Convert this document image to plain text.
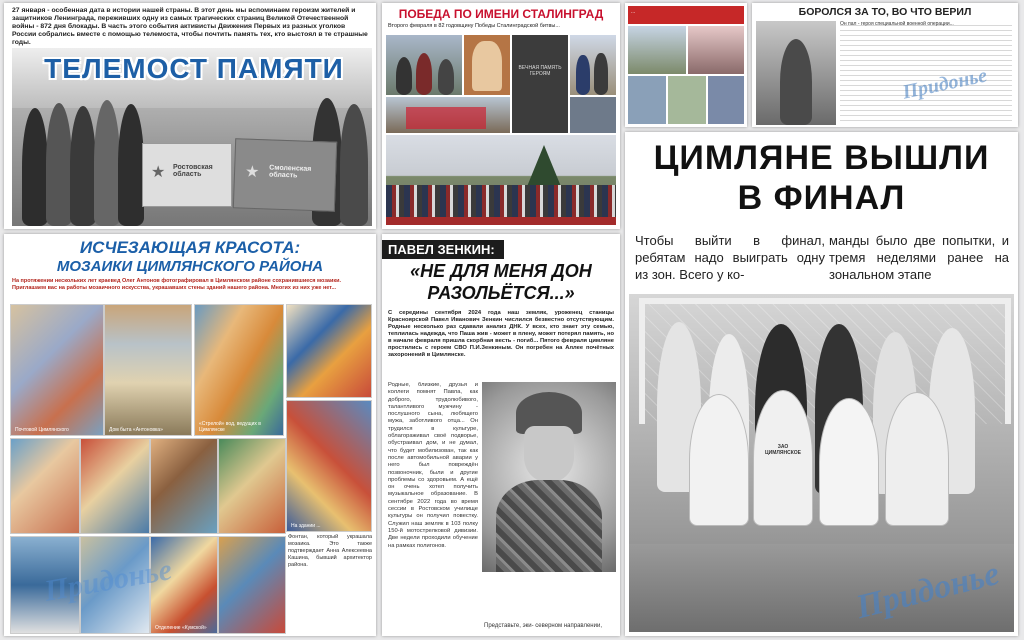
27 января - особенная дата в истории нашей страны. В этот день мы вспоминаем героизм жителей и защитников Ленинграда, переживших одну из самых трагических страниц Великой Отечественной войны - 872 дня блокады. В часть этого события активисты Движения Первых из разных уголков России собрались вместе с помощью телемоста, чтобы почтить память тех, кто выстоял в те страшные годы.
★ Ростовская область	★ Смоленская область
ТЕЛЕМОСТ ПАМЯТИ
ПОБЕДА ПО ИМЕНИ СТАЛИНГРАД
Второго февраля в 82 годовщину Победы Сталинградской битвы...
ВЕЧНАЯ ПАМЯТЬ ГЕРОЯМ
...	БОРОЛСЯ ЗА ТО, ВО ЧТО ВЕРИЛ
Он пал - героя специальной военной операции...
Придонье
ЦИМЛЯНЕ ВЫШЛИ
В ФИНАЛ
Чтобы выйти в финал, ребятам надо выиграть одну из зон. Всего у ко-
манды было две попытки, и тремя неделями ранее на зональном этапе
ЗАО ЦИМЛЯНСКОЕ
Придонье
ИСЧЕЗАЮЩАЯ КРАСОТА:
МОЗАИКИ ЦИМЛЯНСКОГО РАЙОНА
На протяжении нескольких лет краевед Олег Антонов фотографировал в Цимлянском районе сохранившиеся мозаики. Приглашаем вас на работы мозаичного искусства, украшавших стены зданий нашего района. Многих из них уже нет...
Почтовой Цимлянского	Дом быта «Антоновка»
«Стрелой» вод, ведущих в Цимлянске
На здании ...
Отделение «Кумской»
Фонтан, который украшала мозаика. Это также подтверждает Анна Алексеевна Кашина, бывший архитектор района.
Придонье
ПАВЕЛ ЗЕНКИН:
«НЕ ДЛЯ МЕНЯ ДОН РАЗОЛЬЁТСЯ...»
С середины сентября 2024 года наш земляк, уроженец станицы Красноярской Павел Иванович Зенкин числился безвестно отсутствующим. Родные несколько раз сдавали анализ ДНК. У всех, кто знает эту семью, теплилась надежда, что Паша жив - может в плену, может потерял память, но в начале февраля пришла скорбная весть - погиб... Пятого февраля цимляне простились с героем СВО П.И.Зенкиным. Он погребен на Аллее почётных захоронений в Цимлянске.
Родные, близкие, друзья и коллеги помнят Павла, как доброго, трудолюбивого, талантливого мужчину - послушного сына, любящего мужа, заботливого отца... Он трудился в культуре, облагораживал своё подворье, обустраивал дом, и не думал, что будет мобилизован, так как после автомобильной аварии у него был повреждён позвоночник, были и другие проблемы со здоровьем. А ещё он очень хотел получить музыкальное образование. В сентябре 2022 года во время сессии в Ростовском училище культуры он получил повестку. Служил наш земляк в 103 полку 150-й мотострелковой дивизии. Две недели проходили обучение на рамках полигонов.
Представьте, эки- северном направлении,
